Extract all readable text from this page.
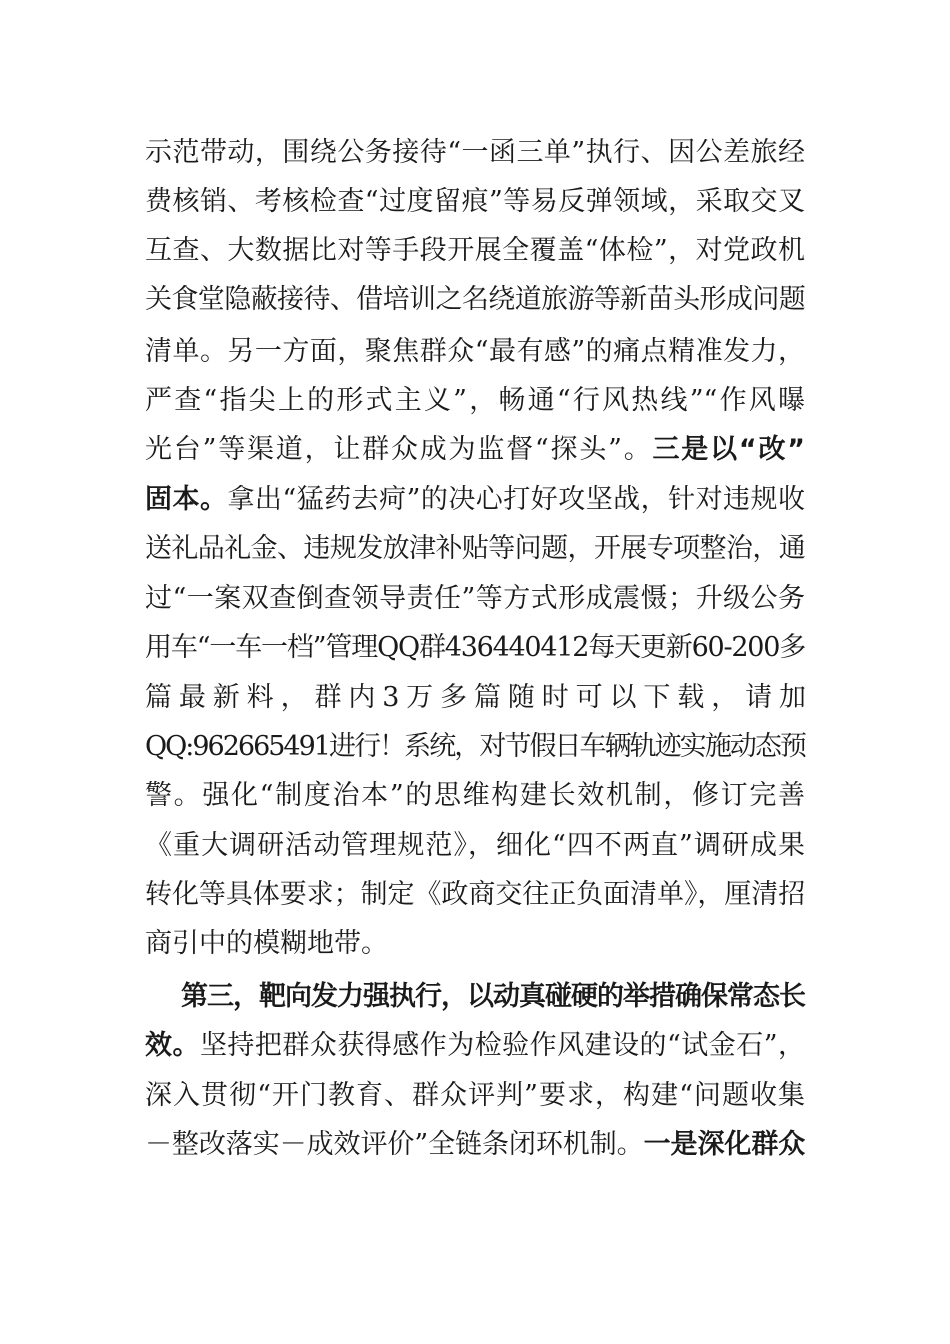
示范带动，围绕公务接待“一函三单”执行、因公差旅经
费核销、考核检查“过度留痕”等易反弹领域，采取交叉
互查、大数据比对等手段开展全覆盖“体检”，对党政机
关食堂隐蔽接待、借培训之名绕道旅游等新苗头形成问题
清单。另一方面，聚焦群众“最有感”的痛点精准发力，
严查“指尖上的形式主义”，畅通“行风热线”“作风曝
光台”等渠道，让群众成为监督“探头”。三是以“改”
固本。拿出“猛药去疴”的决心打好攻坚战，针对违规收
送礼品礼金、违规发放津补贴等问题，开展专项整治，通
过“一案双查倒查领导责任”等方式形成震慑；升级公务
用车“一车一档”管理QQ群436440412每天更新60-200多
篇 最 新 料 ， 群 内 3 万 多 篇 随 时 可 以 下 载 ， 请 加
QQ:962665491进行！系统，对节假日车辆轨迹实施动态预
警。强化“制度治本”的思维构建长效机制，修订完善
《重大调研活动管理规范》，细化“四不两直”调研成果
转化等具体要求；制定《政商交往正负面清单》，厘清招
商引中的模糊地带。
第三，靶向发力强执行，以动真碰硬的举措确保常态长
效。坚持把群众获得感作为检验作风建设的“试金石”，
深入贯彻“开门教育、群众评判”要求，构建“问题收集
－整改落实－成效评价”全链条闭环机制。一是深化群众
